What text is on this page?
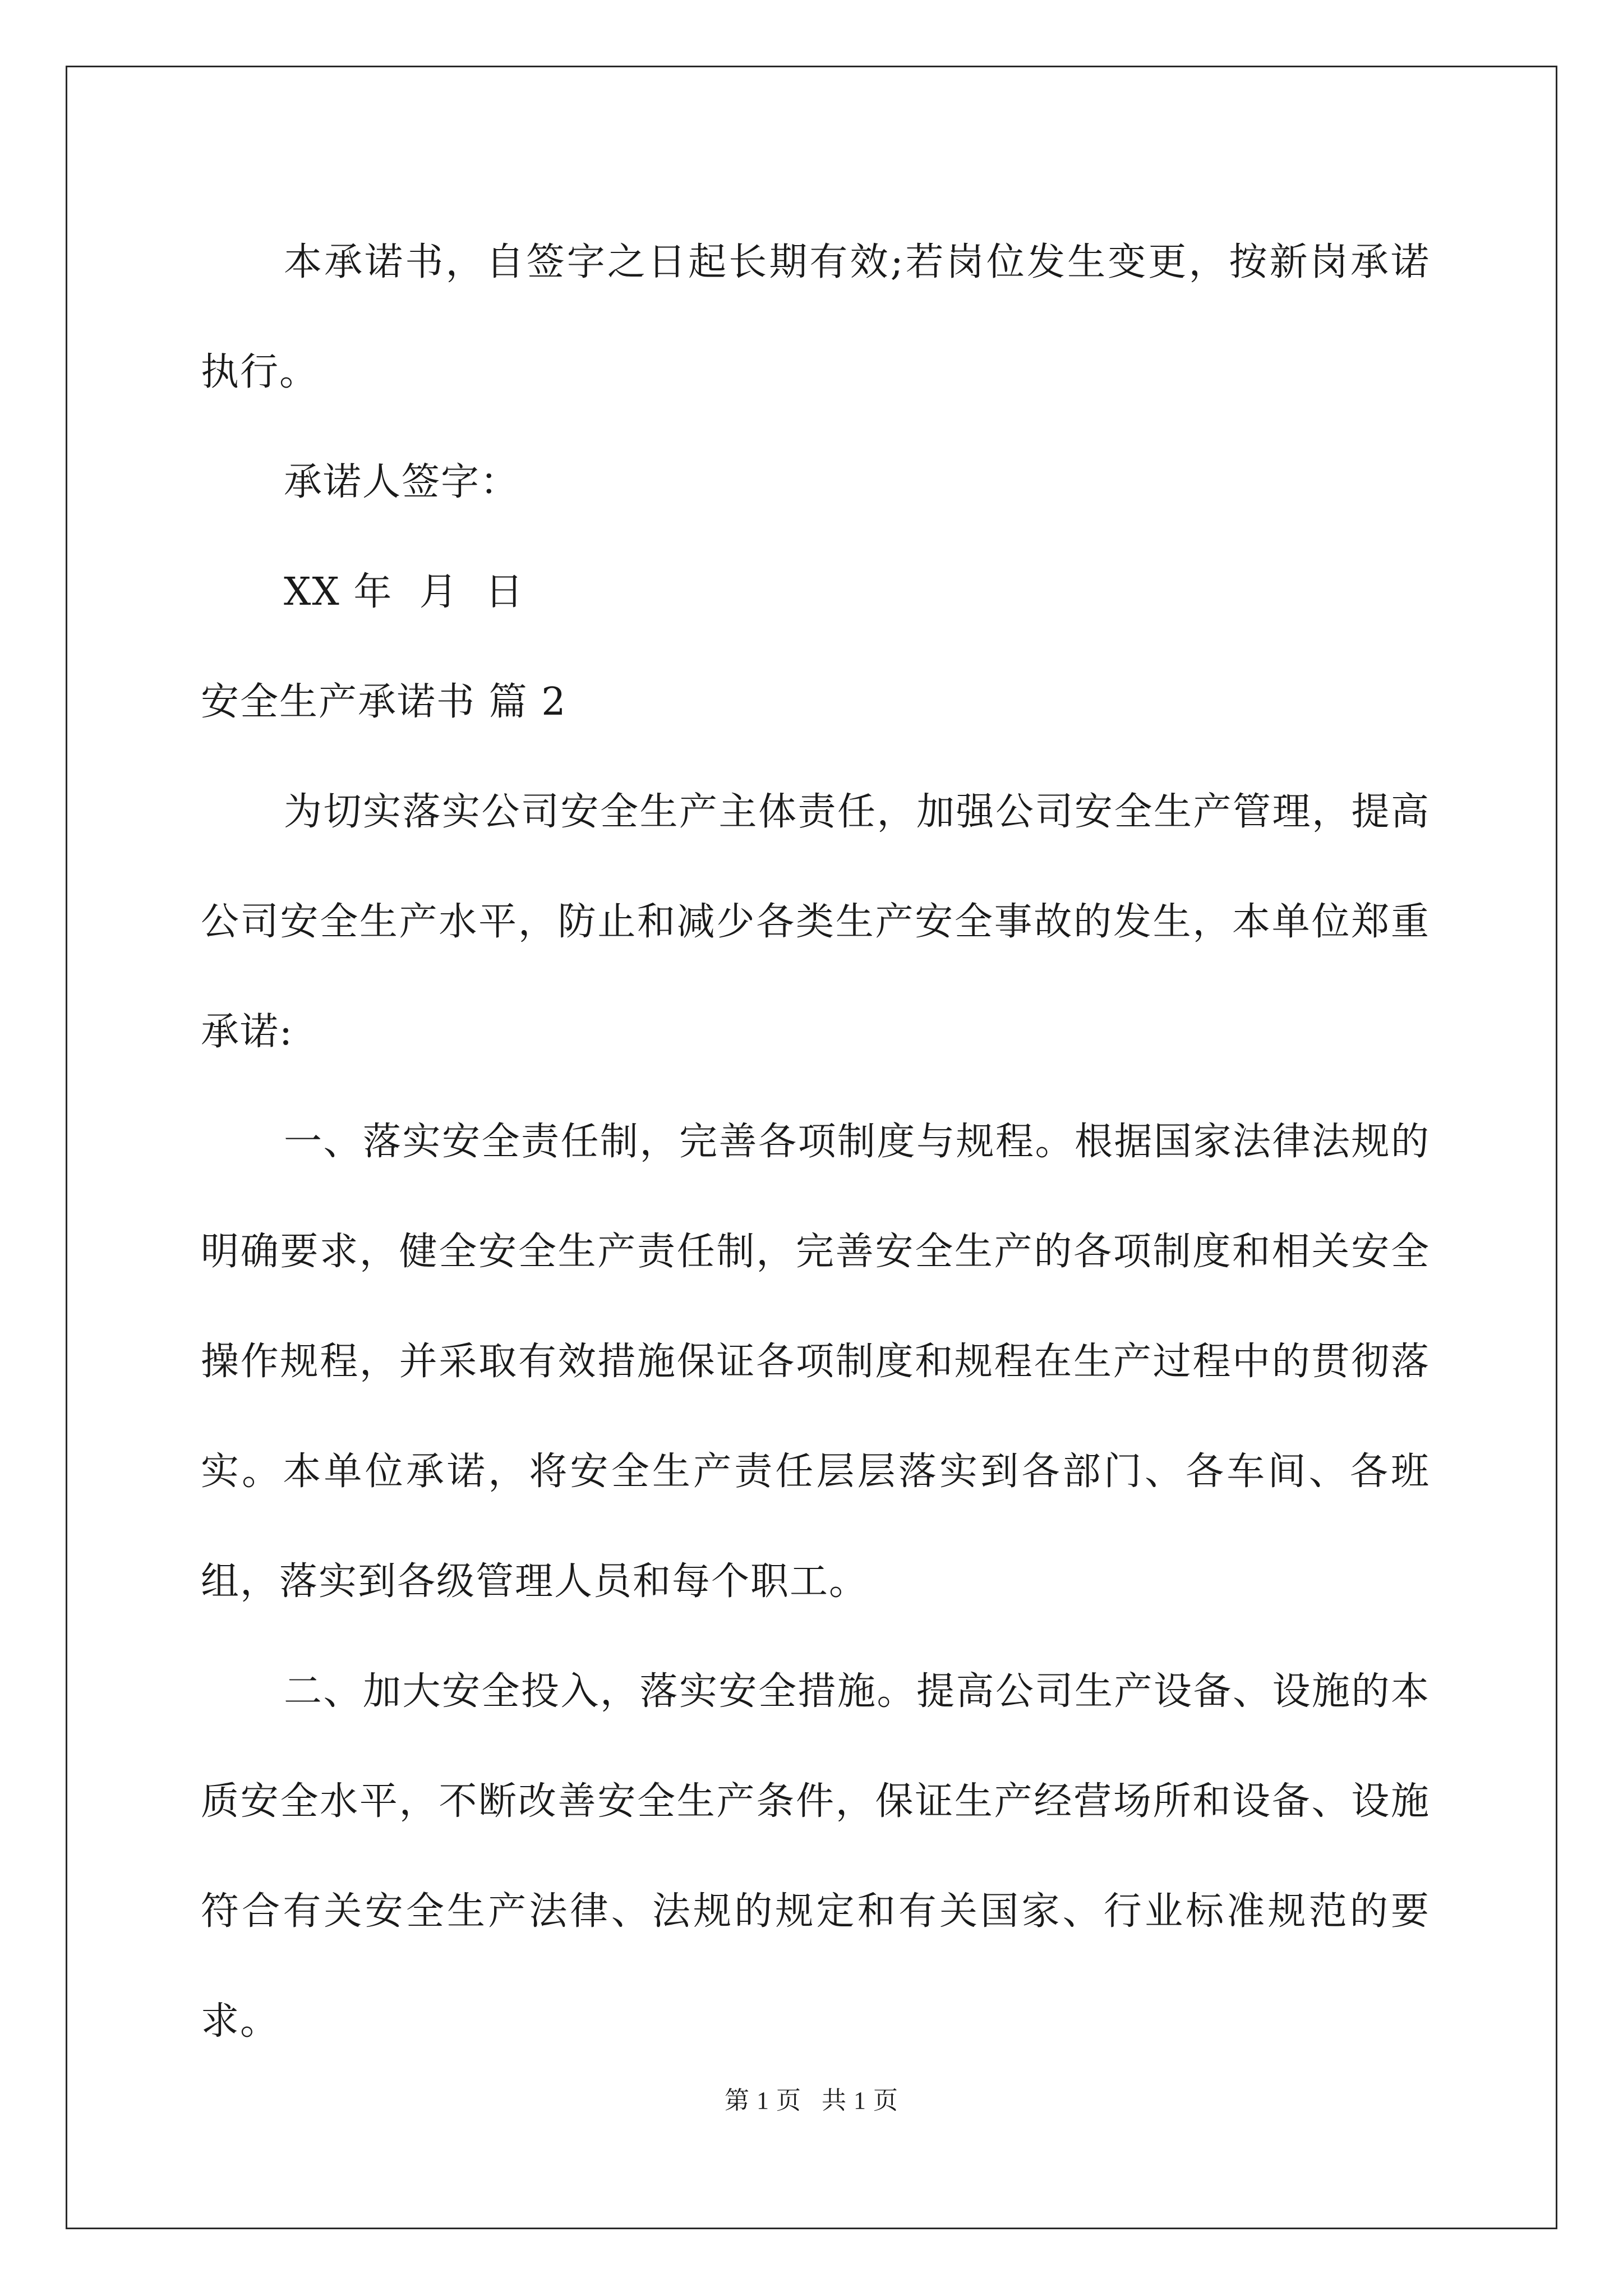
本承诺书，自签字之日起长期有效;若岗位发生变更，按新岗承诺执行。

承诺人签字：

XX 年  月  日

安全生产承诺书 篇 2

为切实落实公司安全生产主体责任，加强公司安全生产管理，提高公司安全生产水平，防止和减少各类生产安全事故的发生，本单位郑重承诺:

一、落实安全责任制，完善各项制度与规程。根据国家法律法规的明确要求，健全安全生产责任制，完善安全生产的各项制度和相关安全操作规程，并采取有效措施保证各项制度和规程在生产过程中的贯彻落实。本单位承诺，将安全生产责任层层落实到各部门、各车间、各班组，落实到各级管理人员和每个职工。

二、加大安全投入，落实安全措施。提高公司生产设备、设施的本质安全水平，不断改善安全生产条件，保证生产经营场所和设备、设施符合有关安全生产法律、法规的规定和有关国家、行业标准规范的要求。

第 1 页   共 1 页
